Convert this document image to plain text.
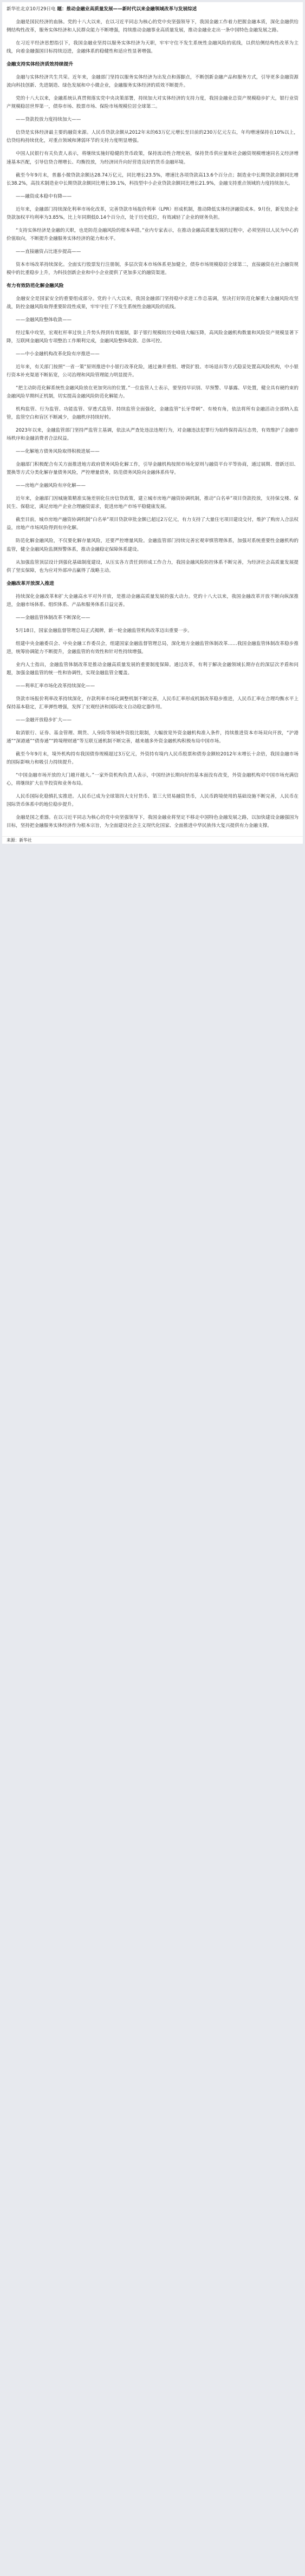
新华社北京10月29日电 题：推动金融业高质量发展——新时代以来金融领域改革与发展综述

金融是国民经济的血脉。党的十八大以来，在以习近平同志为核心的党中央坚强领导下，我国金融工作着力把握金融本质，深化金融供给侧结构性改革，服务实体经济和人民群众能力不断增强，持续推动金融事业高质量发展，推动金融业走出一条中国特色金融发展之路。

在习近平经济思想指引下，我国金融业坚持以服务实体经济为天职，牢牢守住不发生系统性金融风险的底线，以供给侧结构性改革为主线，向着金融强国目标持续迈进，金融体系的稳健性和适应性显著增强。

金融支持实体经济质效持续提升

金融与实体经济共生共荣。近年来，金融部门坚持以服务实体经济为出发点和落脚点，不断创新金融产品和服务方式，引导更多金融资源流向科技创新、先进制造、绿色发展和中小微企业，金融服务实体经济的质效不断提升。

党的十八大以来，金融系统认真贯彻落实党中央决策部署，持续加大对实体经济的支持力度，我国金融业总资产规模稳步扩大，银行业资产规模稳居世界第一，债券市场、股票市场、保险市场规模位居全球第二。

——贷款投放力度持续加大——

信贷是实体经济最主要的融资来源。人民币贷款余额从2012年末的63万亿元增长至目前的230万亿元左右，年均增速保持在10%以上，信贷结构持续优化，对重点领域和薄弱环节的支持力度明显增强。

中国人民银行有关负责人表示，将继续实施好稳健的货币政策，保持流动性合理充裕，保持货币供应量和社会融资规模增速同名义经济增速基本匹配，引导信贷合理增长、均衡投放，为经济回升向好营造良好的货币金融环境。

截至今年9月末，普惠小微贷款余额达28.74万亿元，同比增长23.5%，增速比各项贷款高13.6个百分点；制造业中长期贷款余额同比增长38.2%，高技术制造业中长期贷款余额同比增长39.1%，科技型中小企业贷款余额同比增长21.9%，金融支持重点领域的力度持续加大。

——融资成本稳中有降——

近年来，金融部门持续深化利率市场化改革，完善贷款市场报价利率（LPR）形成机制，推动降低实体经济融资成本。9月份，新发放企业贷款加权平均利率为3.85%，比上年同期低0.14个百分点，处于历史低位，有效减轻了企业的财务负担。

“支持实体经济是金融的天职，也是防范金融风险的根本举措。”业内专家表示，在推动金融高质量发展的过程中，必须坚持以人民为中心的价值取向，不断提升金融服务实体经济的能力和水平。

——直接融资占比逐步提高——

资本市场改革持续深化。全面实行股票发行注册制，多层次资本市场体系更加健全，债券市场规模稳居全球第二，直接融资在社会融资规模中的比重稳步上升，为科技创新企业和中小企业提供了更加多元的融资渠道。

有力有效防范化解金融风险

金融安全是国家安全的重要组成部分。党的十八大以来，我国金融部门坚持稳中求进工作总基调，坚决打好防范化解重大金融风险攻坚战，防控金融风险取得重要阶段性成果，牢牢守住了不发生系统性金融风险的底线。

——金融风险整体收敛——

经过集中攻坚，宏观杠杆率过快上升势头得到有效遏制，影子银行规模较历史峰值大幅压降，高风险金融机构数量和风险资产规模显著下降，互联网金融风险专项整治工作顺利完成，金融风险整体收敛、总体可控。

——中小金融机构改革化险有序推进——

近年来，有关部门按照“一省一策”原则推进中小银行改革化险，通过兼并重组、增资扩股、市场退出等方式稳妥处置高风险机构，中小银行资本补充渠道不断拓宽，公司治理和风险管理能力明显提升。

“把主动防范化解系统性金融风险放在更加突出的位置。”一位监管人士表示，要坚持早识别、早预警、早暴露、早处置，健全具有硬约束的金融风险早期纠正机制，切实提高金融风险防范化解能力。

机构监管、行为监管、功能监管、穿透式监管、持续监管全面强化，金融监管“长牙带刺”、有棱有角，依法将所有金融活动全部纳入监管，监管空白和盲区不断减少，金融秩序持续好转。

2023年以来，金融监管部门坚持严监管主基调，依法从严查处违法违规行为，对金融违法犯罪行为始终保持高压态势，有效维护了金融市场秩序和金融消费者合法权益。

——化解地方债务风险取得积极进展——

金融部门积极配合有关方面推进地方政府债务风险化解工作，引导金融机构按照市场化原则与融资平台平等协商，通过展期、借新还旧、置换等方式分类化解存量债务风险，严控增量债务，防范债务风险向金融体系传导。

——房地产金融风险有序化解——

近年来，金融部门因城施策精准实施差别化住房信贷政策，建立城市房地产融资协调机制，推动“白名单”项目贷款投放，支持保交楼、保民生、保稳定，满足房地产企业合理融资需求，促进房地产市场平稳健康发展。

截至目前，城市房地产融资协调机制“白名单”项目贷款审批金额已超过2万亿元，有力支持了大量住宅项目建设交付，维护了购房人合法权益，房地产市场风险得到有序化解。

防范化解金融风险，不仅要化解存量风险，还要严控增量风险。金融监管部门持续完善宏观审慎管理体系，加强对系统重要性金融机构的监管，健全金融风险监测预警体系，推动金融稳定保障体系建设。

从加强监管顶层设计到强化基础制度建设，从压实各方责任到形成工作合力，我国金融风险防控体系不断完善，为经济社会高质量发展提供了坚实保障，也为应对外部冲击赢得了战略主动。

金融改革开放深入推进

持续深化金融改革和扩大金融高水平对外开放，是推动金融高质量发展的强大动力。党的十八大以来，我国金融改革开放不断向纵深推进，金融市场体系、组织体系、产品和服务体系日益完善。

——金融监管体制改革不断深化——

5月18日，国家金融监督管理总局正式揭牌，新一轮金融监管机构改革迈出重要一步。

组建中央金融委员会、中央金融工作委员会，组建国家金融监督管理总局，深化地方金融监管体制改革……我国金融监管体制改革稳步推进，统筹协调能力不断提升，金融监管的有效性和针对性持续增强。

业内人士指出，金融监管体制改革是推动金融高质量发展的重要制度保障。通过改革，有利于解决金融领域长期存在的深层次矛盾和问题，加强金融监管的统一性和协调性，实现金融监管全覆盖。

——利率汇率市场化改革持续深化——

贷款市场报价利率改革持续深化，存款利率市场化调整机制不断完善，人民币汇率形成机制改革稳步推进，人民币汇率在合理均衡水平上保持基本稳定，汇率弹性增强，发挥了宏观经济和国际收支自动稳定器作用。

——金融开放稳步扩大——

取消银行、证券、基金管理、期货、人身险等领域外资股比限制，大幅放宽外资金融机构准入条件，持续推进资本市场双向开放，“沪港通”“深港通”“债券通”“跨境理财通”等互联互通机制不断完善，越来越多外资金融机构积极布局中国市场。

截至今年9月末，境外机构持有我国债券规模超过3万亿元，外资持有境内人民币股票和债券金额较2012年末增长十余倍，我国金融市场的国际影响力和吸引力持续提升。

“中国金融市场开放的大门越开越大。”一家外资机构负责人表示，中国经济长期向好的基本面没有改变，外资金融机构对中国市场充满信心，将继续扩大在华投资和业务布局。

人民币国际化稳慎扎实推进。人民币已成为全球第四大支付货币、第三大贸易融资货币，人民币跨境使用的基础设施不断完善，人民币在国际货币体系中的地位稳步提升。

金融是国之重器。在以习近平同志为核心的党中央坚强领导下，我国金融业将坚定不移走中国特色金融发展之路，以加快建设金融强国为目标，坚持把金融服务实体经济作为根本宗旨，为全面建设社会主义现代化国家、全面推进中华民族伟大复兴提供有力金融支撑。

来源：新华社
